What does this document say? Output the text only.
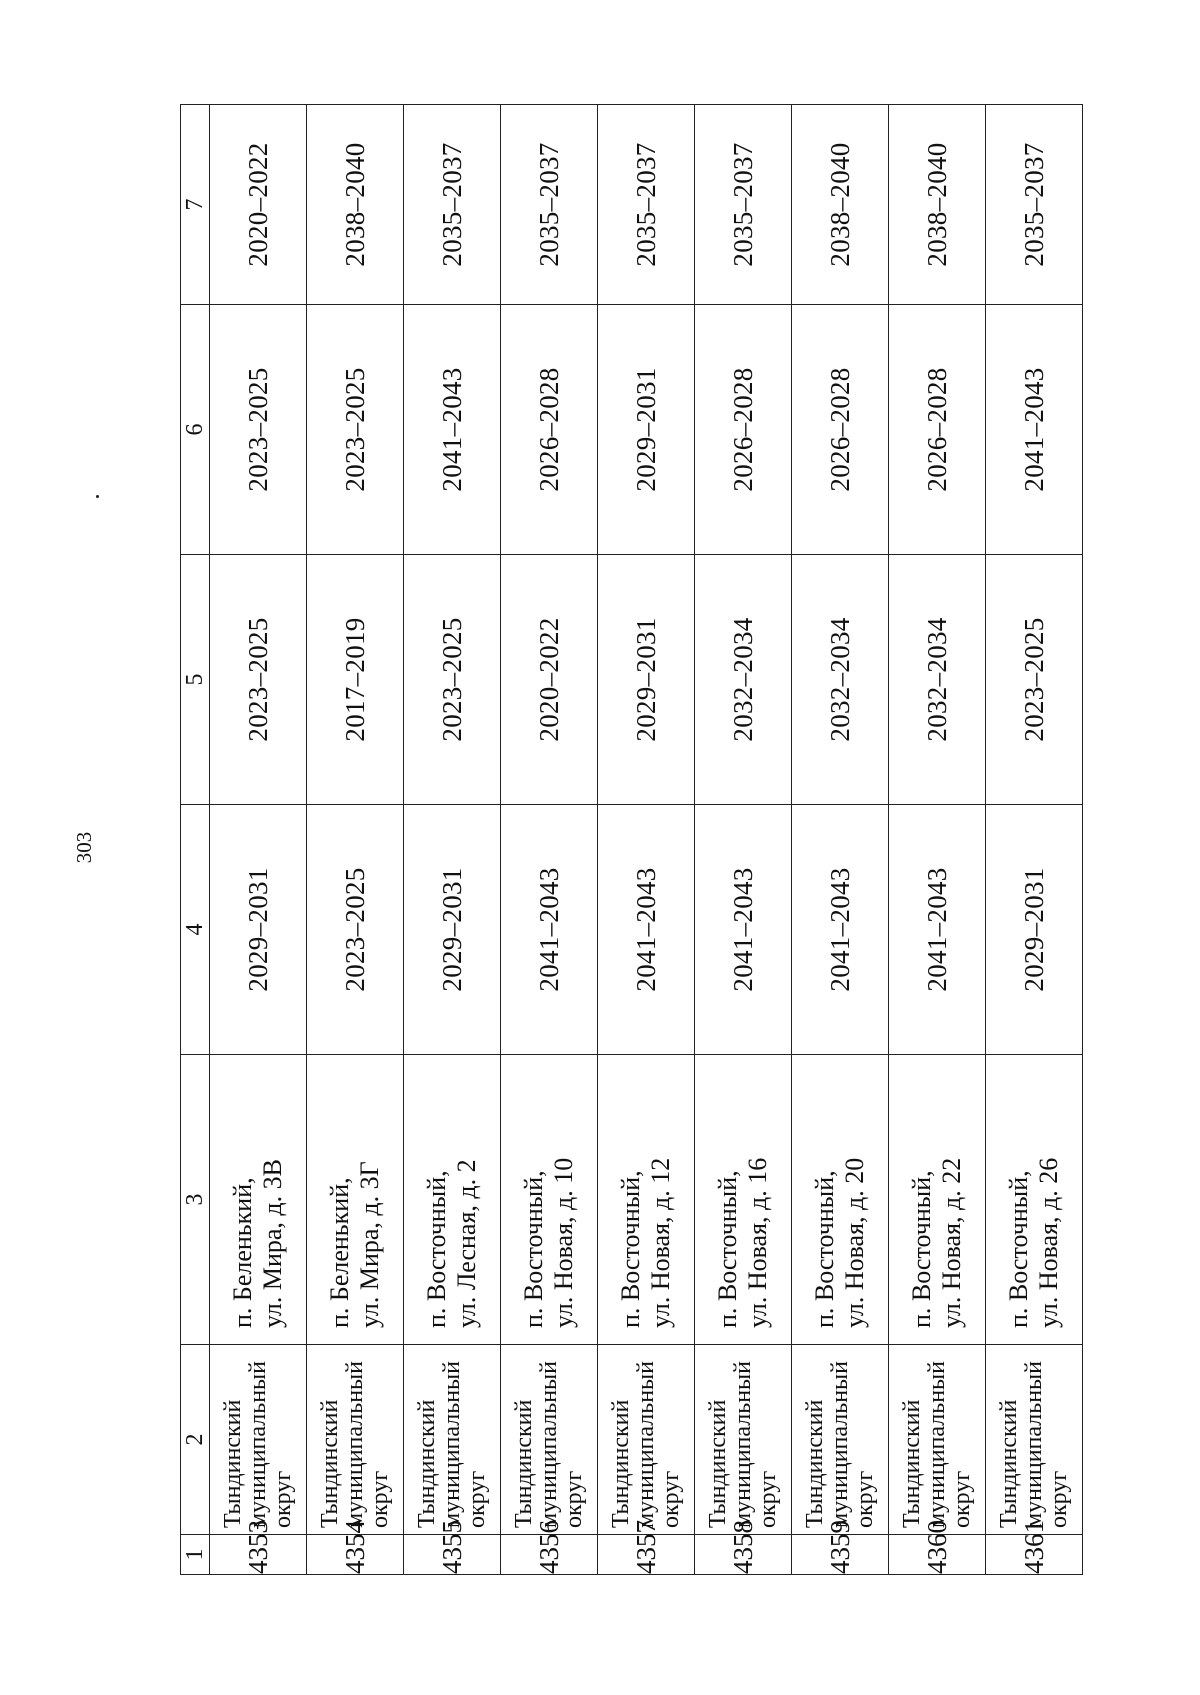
303
1	2	3	4	5	6	7
4353	Тындинский муниципальный округ	п. Беленький, ул. Мира, д. 3В	2029–2031	2023–2025	2023–2025	2020–2022
4354	Тындинский муниципальный округ	п. Беленький, ул. Мира, д. 3Г	2023–2025	2017–2019	2023–2025	2038–2040
4355	Тындинский муниципальный округ	п. Восточный, ул. Лесная, д. 2	2029–2031	2023–2025	2041–2043	2035–2037
4356	Тындинский муниципальный округ	п. Восточный, ул. Новая, д. 10	2041–2043	2020–2022	2026–2028	2035–2037
4357	Тындинский муниципальный округ	п. Восточный, ул. Новая, д. 12	2041–2043	2029–2031	2029–2031	2035–2037
4358	Тындинский муниципальный округ	п. Восточный, ул. Новая, д. 16	2041–2043	2032–2034	2026–2028	2035–2037
4359	Тындинский муниципальный округ	п. Восточный, ул. Новая, д. 20	2041–2043	2032–2034	2026–2028	2038–2040
4360	Тындинский муниципальный округ	п. Восточный, ул. Новая, д. 22	2041–2043	2032–2034	2026–2028	2038–2040
4361	Тындинский муниципальный округ	п. Восточный, ул. Новая, д. 26	2029–2031	2023–2025	2041–2043	2035–2037
